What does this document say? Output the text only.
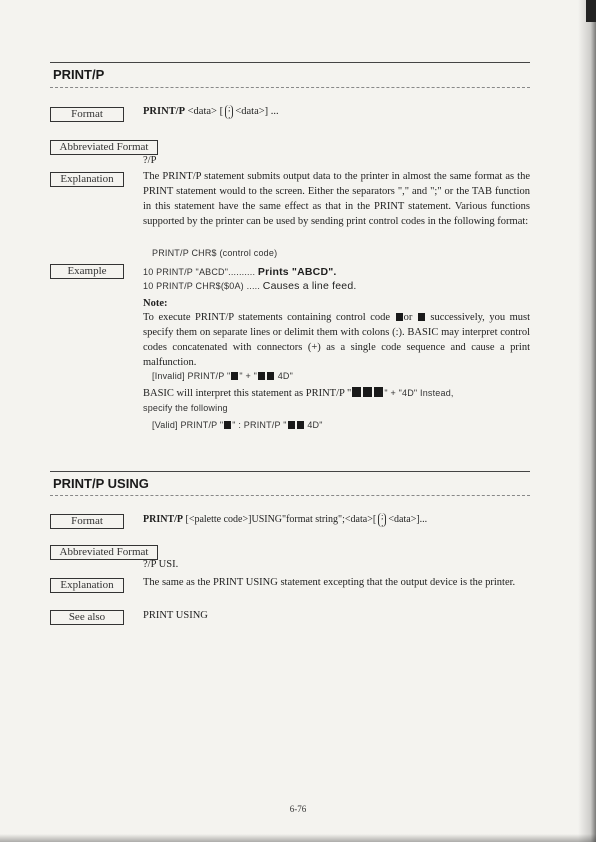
PRINT/P
Format	PRINT/P <data> [ ;
, <data>] ...
Abbreviated Format
?/P
Explanation	The PRINT/P statement submits output data to the printer in almost the same format as the PRINT statement would to the screen. Either the separators "," and ";" or the TAB function in this statement have the same effect as that in the PRINT statement. Various functions supported by the printer can be used by sending print control codes in the following format:
PRINT/P CHR$ (control code)
Example	10 PRINT/P "ABCD".......... Prints "ABCD".
10 PRINT/P CHR$($0A) ..... Causes a line feed.
Note:
To execute PRINT/P statements containing control code or successively, you must specify them on separate lines or delimit them with colons (:). BASIC may interpret control codes concatenated with connectors (+) as a single code sequence and cause a print malfunction.
[Invalid] PRINT/P " " + " 4D"
BASIC will interpret this statement as PRINT/P "	" + "4D" Instead,
specify the following
[Valid] PRINT/P " " : PRINT/P " 4D"
PRINT/P USING
Format	PRINT/P [<palette code>]USING"format string";<data>[ ;
, <data>]...
Abbreviated Format
?/P USI.
Explanation	The same as the PRINT USING statement excepting that the output device is the printer.
See also	PRINT USING
6-76
